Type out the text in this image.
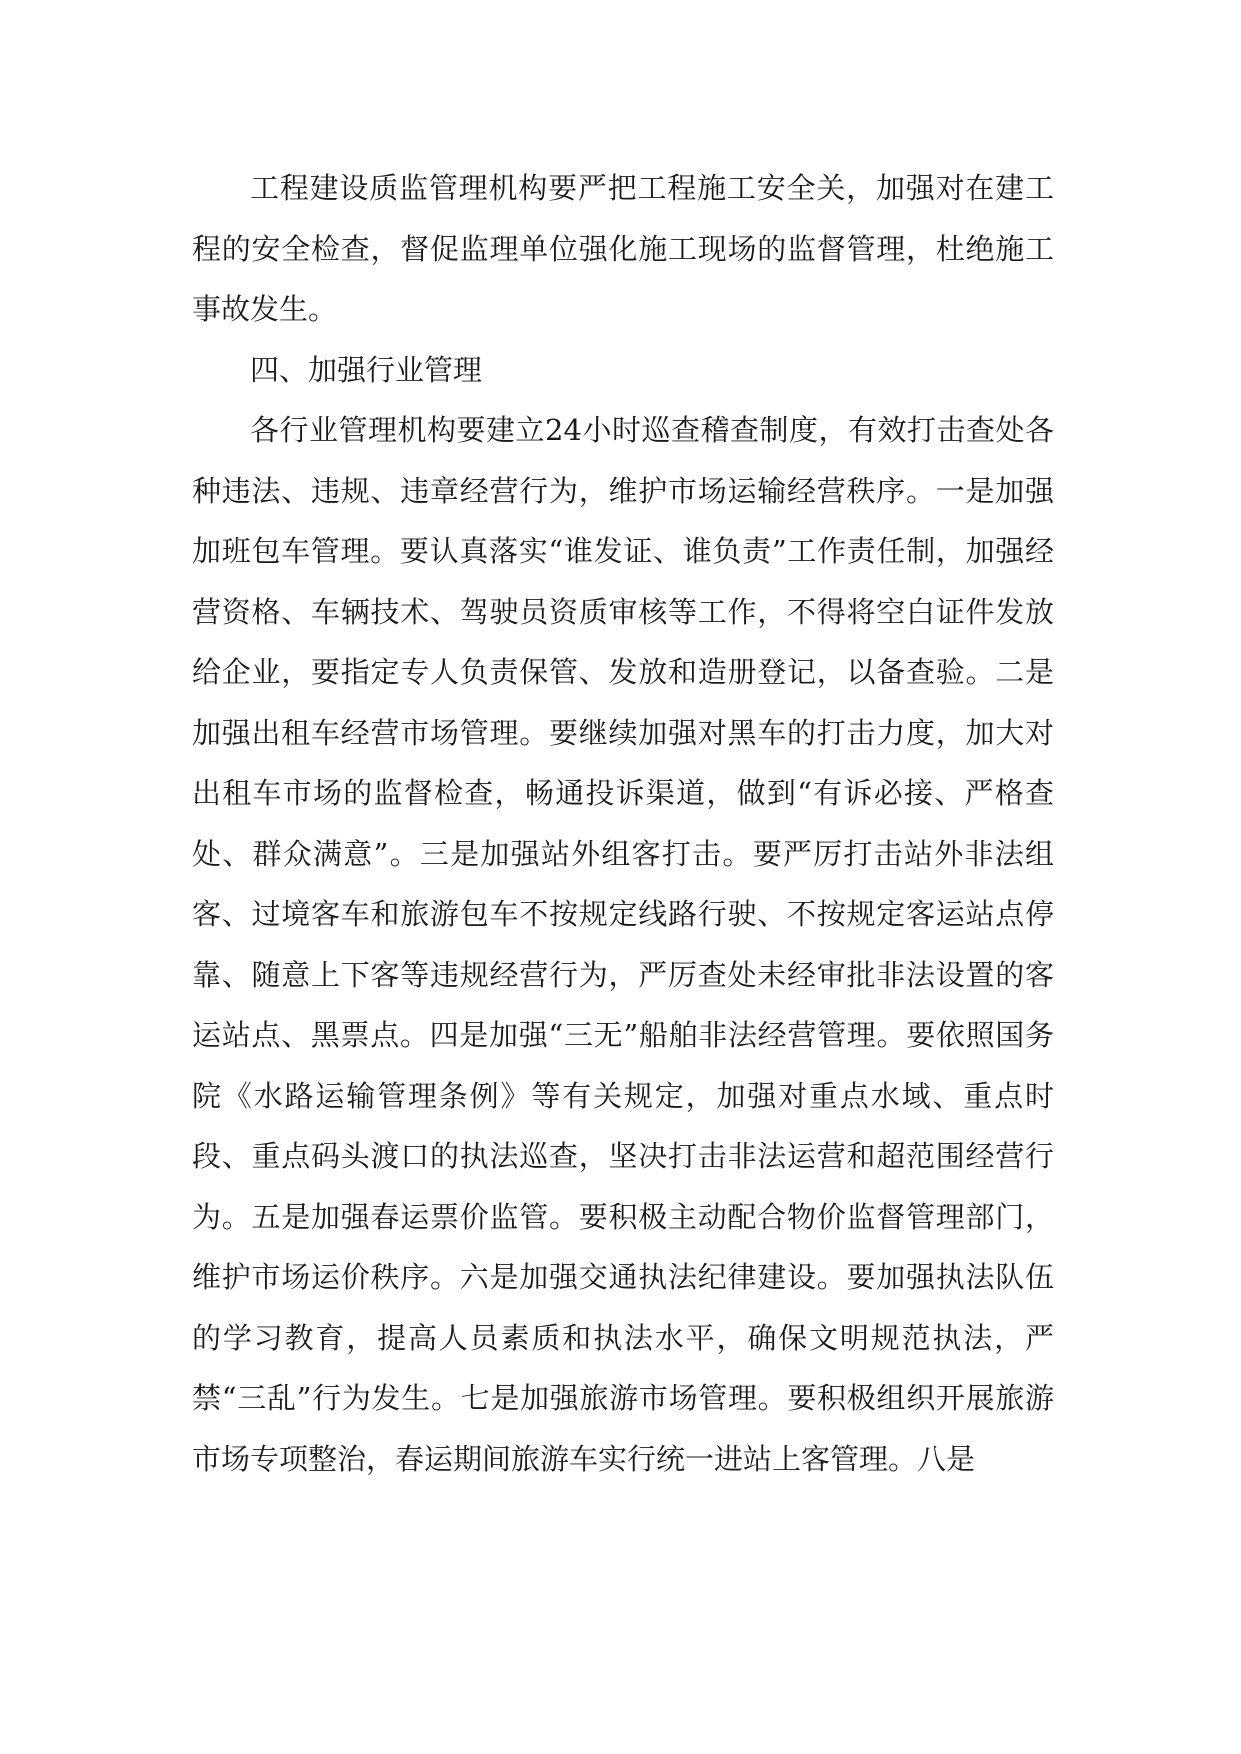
工程建设质监管理机构要严把工程施工安全关，加强对在建工程的安全检查，督促监理单位强化施工现场的监督管理，杜绝施工事故发生。

四、加强行业管理

各行业管理机构要建立24小时巡查稽查制度，有效打击查处各种违法、违规、违章经营行为，维护市场运输经营秩序。一是加强加班包车管理。要认真落实“谁发证、谁负责”工作责任制，加强经营资格、车辆技术、驾驶员资质审核等工作，不得将空白证件发放给企业，要指定专人负责保管、发放和造册登记，以备查验。二是加强出租车经营市场管理。要继续加强对黑车的打击力度，加大对出租车市场的监督检查，畅通投诉渠道，做到“有诉必接、严格查处、群众满意”。三是加强站外组客打击。要严厉打击站外非法组客、过境客车和旅游包车不按规定线路行驶、不按规定客运站点停靠、随意上下客等违规经营行为，严厉查处未经审批非法设置的客运站点、黑票点。四是加强“三无”船舶非法经营管理。要依照国务院《水路运输管理条例》等有关规定，加强对重点水域、重点时段、重点码头渡口的执法巡查，坚决打击非法运营和超范围经营行为。五是加强春运票价监管。要积极主动配合物价监督管理部门，维护市场运价秩序。六是加强交通执法纪律建设。要加强执法队伍的学习教育，提高人员素质和执法水平，确保文明规范执法，严禁“三乱”行为发生。七是加强旅游市场管理。要积极组织开展旅游市场专项整治，春运期间旅游车实行统一进站上客管理。八是
